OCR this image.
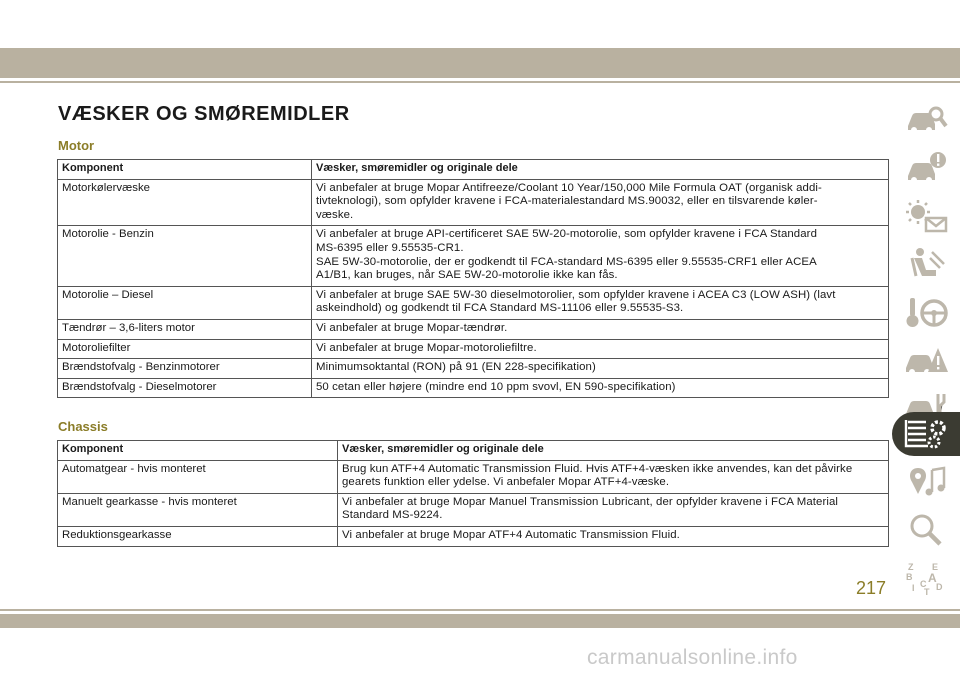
VÆSKER OG SMØREMIDLER
Motor
Komponent	Væsker, smøremidler og originale dele
Motorkølervæske	Vi anbefaler at bruge Mopar Antifreeze/Coolant 10 Year/150,000 Mile Formula OAT (organisk addi-
tivteknologi), som opfylder kravene i FCA-materialestandard MS.90032, eller en tilsvarende køler-
væske.
Motorolie - Benzin	Vi anbefaler at bruge API-certificeret SAE 5W-20-motorolie, som opfylder kravene i FCA Standard
MS-6395 eller 9.55535-CR1.
SAE 5W-30-motorolie, der er godkendt til FCA-standard MS-6395 eller 9.55535-CRF1 eller ACEA
A1/B1, kan bruges, når SAE 5W-20-motorolie ikke kan fås.
Motorolie – Diesel	Vi anbefaler at bruge SAE 5W-30 dieselmotorolier, som opfylder kravene i ACEA C3 (LOW ASH) (lavt
askeindhold) og godkendt til FCA Standard MS-11106 eller 9.55535-S3.
Tændrør – 3,6-liters motor	Vi anbefaler at bruge Mopar-tændrør.
Motoroliefilter	Vi anbefaler at bruge Mopar-motoroliefiltre.
Brændstofvalg - Benzinmotorer	Minimumsoktantal (RON) på 91 (EN 228-specifikation)
Brændstofvalg - Dieselmotorer	50 cetan eller højere (mindre end 10 ppm svovl, EN 590-specifikation)

Chassis
Komponent	Væsker, smøremidler og originale dele
Automatgear - hvis monteret	Brug kun ATF+4 Automatic Transmission Fluid. Hvis ATF+4-væsken ikke anvendes, kan det påvirke
gearets funktion eller ydelse. Vi anbefaler Mopar ATF+4-væske.
Manuelt gearkasse - hvis monteret	Vi anbefaler at bruge Mopar Manuel Transmission Lubricant, der opfylder kravene i FCA Material
Standard MS-9224.
Reduktionsgearkasse	Vi anbefaler at bruge Mopar ATF+4 Automatic Transmission Fluid.

Z E
B A
I C D
T
217
carmanualsonline.info
